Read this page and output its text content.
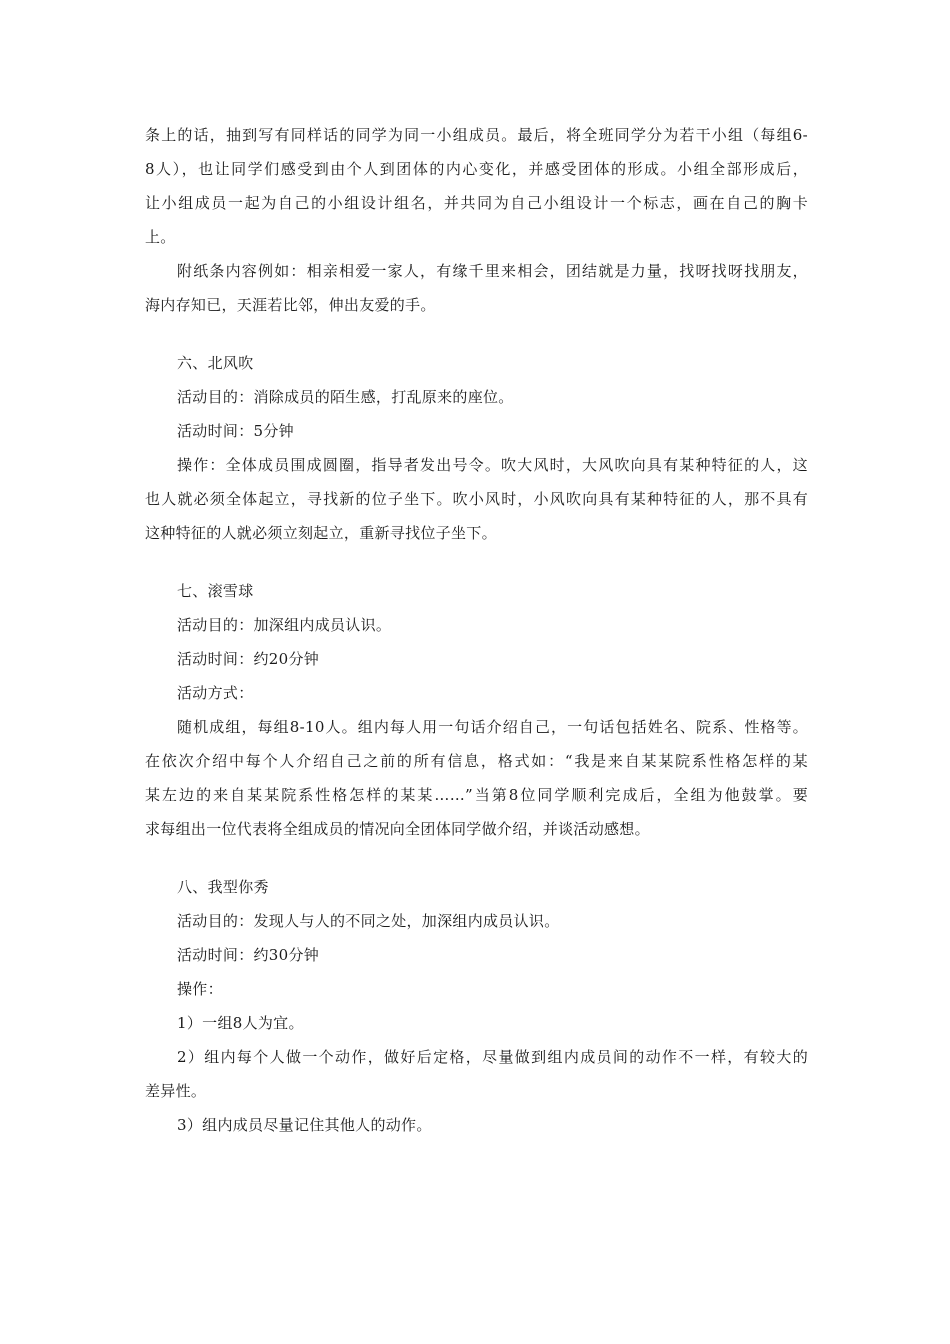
条上的话，抽到写有同样话的同学为同一小组成员。最后，将全班同学分为若干小组（每组6-
8人），也让同学们感受到由个人到团体的内心变化，并感受团体的形成。小组全部形成后，
让小组成员一起为自己的小组设计组名，并共同为自己小组设计一个标志，画在自己的胸卡
上。
附纸条内容例如：相亲相爱一家人，有缘千里来相会，团结就是力量，找呀找呀找朋友，
海内存知已，天涯若比邻，伸出友爱的手。
六、北风吹
活动目的：消除成员的陌生感，打乱原来的座位。
活动时间：5分钟
操作：全体成员围成圆圈，指导者发出号令。吹大风时，大风吹向具有某种特征的人，这
也人就必须全体起立，寻找新的位子坐下。吹小风时，小风吹向具有某种特征的人，那不具有
这种特征的人就必须立刻起立，重新寻找位子坐下。
七、滚雪球
活动目的：加深组内成员认识。
活动时间：约20分钟
活动方式：
随机成组，每组8-10人。组内每人用一句话介绍自己，一句话包括姓名、院系、性格等。
在依次介绍中每个人介绍自己之前的所有信息，格式如：“我是来自某某院系性格怎样的某
某左边的来自某某院系性格怎样的某某……”当第8位同学顺利完成后，全组为他鼓掌。要
求每组出一位代表将全组成员的情况向全团体同学做介绍，并谈活动感想。
八、我型你秀
活动目的：发现人与人的不同之处，加深组内成员认识。
活动时间：约30分钟
操作：
1）一组8人为宜。
2）组内每个人做一个动作，做好后定格，尽量做到组内成员间的动作不一样，有较大的
差异性。
3）组内成员尽量记住其他人的动作。
